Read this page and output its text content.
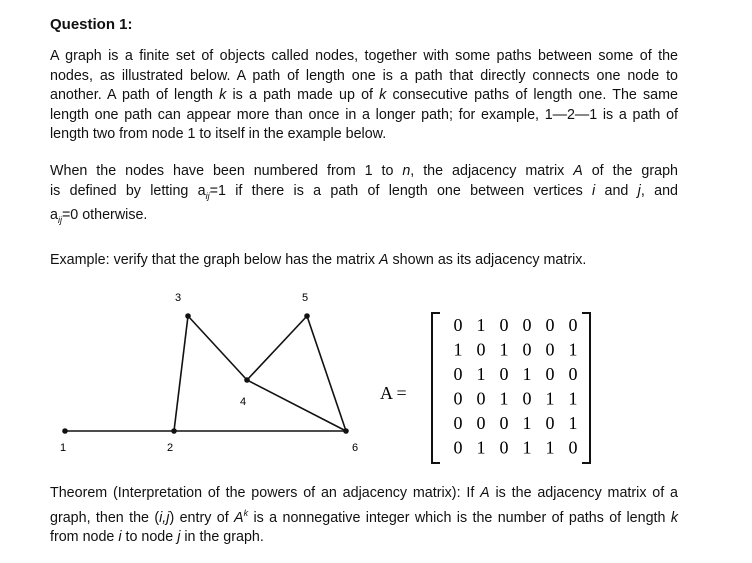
Question 1:
A graph is a finite set of objects called nodes, together with some paths between some of the
nodes, as illustrated below. A path of length one is a path that directly connects one node to
another. A path of length k is a path made up of k consecutive paths of length one. The same
length one path can appear more than once in a longer path; for example, 1—2—1 is a path of
length two from node 1 to itself in the example below.
When the nodes have been numbered from 1 to n, the adjacency matrix A of the graph
is defined by letting $a_{ij}=1$ if there is a path of length one between vertices i and j, and
$a_{ij}=0$ otherwise.
Example: verify that the graph below has the matrix A shown as its adjacency matrix.
1	2
3
4
5
6
A =
0 1 0 0 0 0
1 0 1 0 0 1
0 1 0 1 0 0
0 0 1 0 1 1
0 0 0 1 0 1
0 1 0 1 1 0
Theorem (Interpretation of the powers of an adjacency matrix): If A is the adjacency matrix of a
graph, then the (i,j) entry of $A^k$ is a nonnegative integer which is the number of paths of length k
from node i to node j in the graph.
